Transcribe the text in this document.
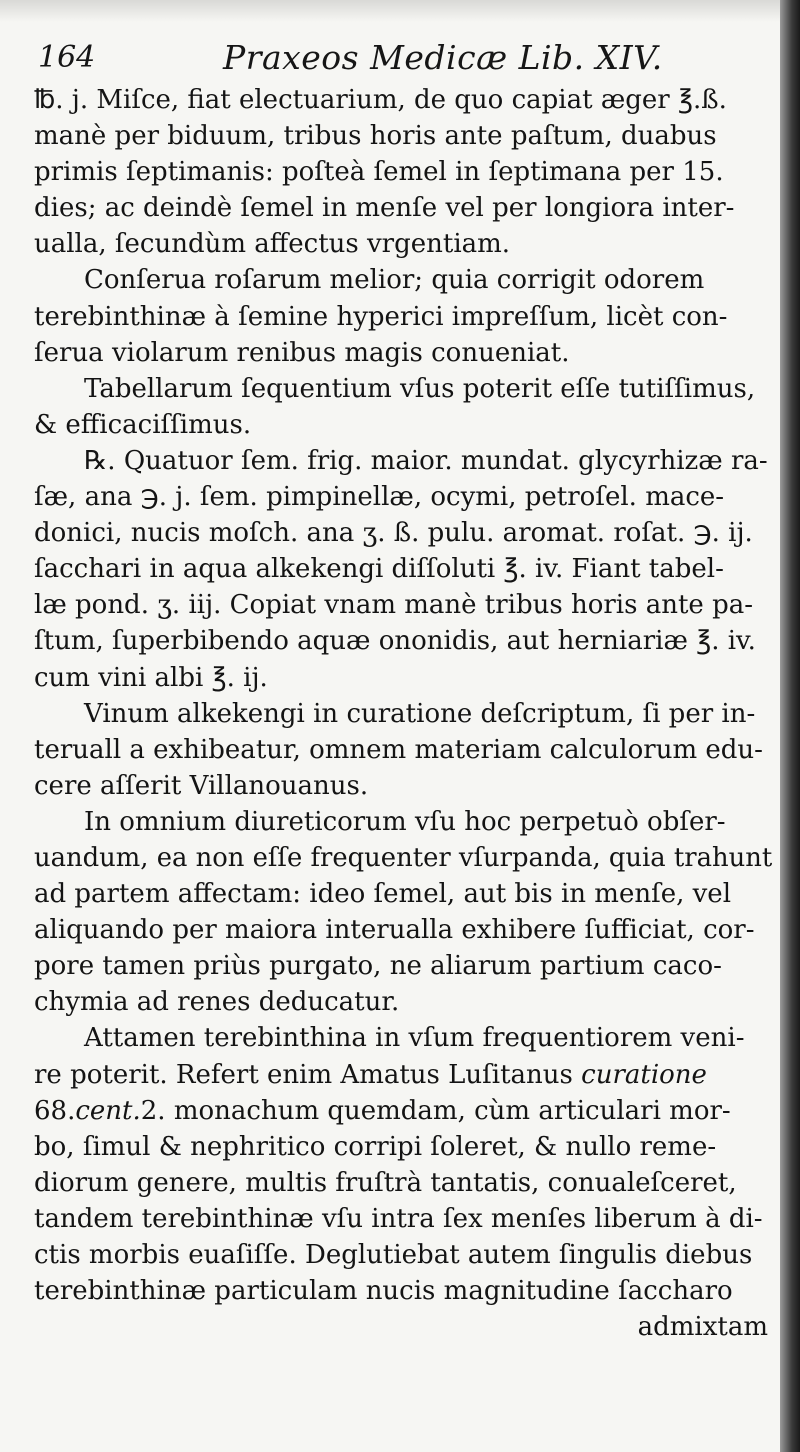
164	Praxeos Medicæ Lib. XIV.
℔. j. Miſce, fiat electuarium, de quo capiat æger ℥.ß.
manè per biduum, tribus horis ante paſtum, duabus
primis ſeptimanis: poſteà ſemel in ſeptimana per 15.
dies; ac deindè ſemel in menſe vel per longiora inter-
ualla, ſecundùm affectus vrgentiam.
Conſerua roſarum melior; quia corrigit odorem
terebinthinæ à ſemine hyperici impreſſum, licèt con-
ſerua violarum renibus magis conueniat.
Tabellarum ſequentium vſus poterit eſſe tutiſſimus,
& efficaciſſimus.
℞. Quatuor ſem. frig. maior. mundat. glycyrhizæ ra-
ſæ, ana ℈. j. ſem. pimpinellæ, ocymi, petroſel. mace-
donici, nucis moſch. ana ʒ. ß. pulu. aromat. roſat. ℈. ij.
ſacchari in aqua alkekengi diſſoluti ℥. iv. Fiant tabel-
læ pond. ʒ. iij. Copiat vnam manè tribus horis ante pa-
ſtum, ſuperbibendo aquæ ononidis, aut herniariæ ℥. iv.
cum vini albi ℥. ij.
Vinum alkekengi in curatione deſcriptum, ſi per in-
teruall a exhibeatur, omnem materiam calculorum edu-
cere aſſerit Villanouanus.
In omnium diureticorum vſu hoc perpetuò obſer-
uandum, ea non eſſe frequenter vſurpanda, quia trahunt
ad partem affectam: ideo ſemel, aut bis in menſe, vel
aliquando per maiora interualla exhibere ſufficiat, cor-
pore tamen priùs purgato, ne aliarum partium caco-
chymia ad renes deducatur.
Attamen terebinthina in vſum frequentiorem veni-
re poterit. Refert enim Amatus Luſitanus curatione
68.cent.2. monachum quemdam, cùm articulari mor-
bo, ſimul & nephritico corripi ſoleret, & nullo reme-
diorum genere, multis fruſtrà tantatis, conualeſceret,
tandem terebinthinæ vſu intra ſex menſes liberum à di-
ctis morbis euaſiſſe. Deglutiebat autem ſingulis diebus
terebinthinæ particulam nucis magnitudine ſaccharo
admixtam
